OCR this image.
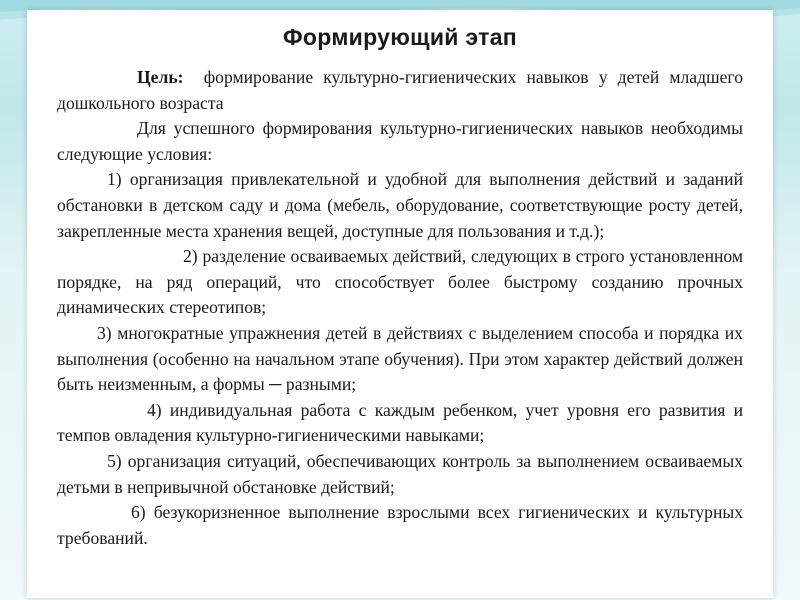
Формирующий этап

Цель:  формирование культурно-гигиенических навыков у детей младшего дошкольного возраста

Для успешного формирования культурно-гигиенических навыков необходимы следующие условия:

1) организация привлекательной и удобной для выполнения действий и заданий обстановки в детском саду и дома (мебель, оборудование, соответствующие росту детей, закрепленные места хранения вещей, доступные для пользования и т.д.);

2) разделение осваиваемых действий, следующих в строго установленном порядке, на ряд операций, что способствует более быстрому созданию прочных динамических стереотипов;

3) многократные упражнения детей в действиях с выделением способа и порядка их выполнения (особенно на начальном этапе обучения). При этом характер действий должен быть неизменным, а формы ─ разными;

4) индивидуальная работа с каждым ребенком, учет уровня его развития и темпов овладения культурно-гигиеническими навыками;

5) организация ситуаций, обеспечивающих контроль за выполнением осваиваемых детьми в непривычной обстановке действий;

6) безукоризненное выполнение взрослыми всех гигиенических и культурных требований.
